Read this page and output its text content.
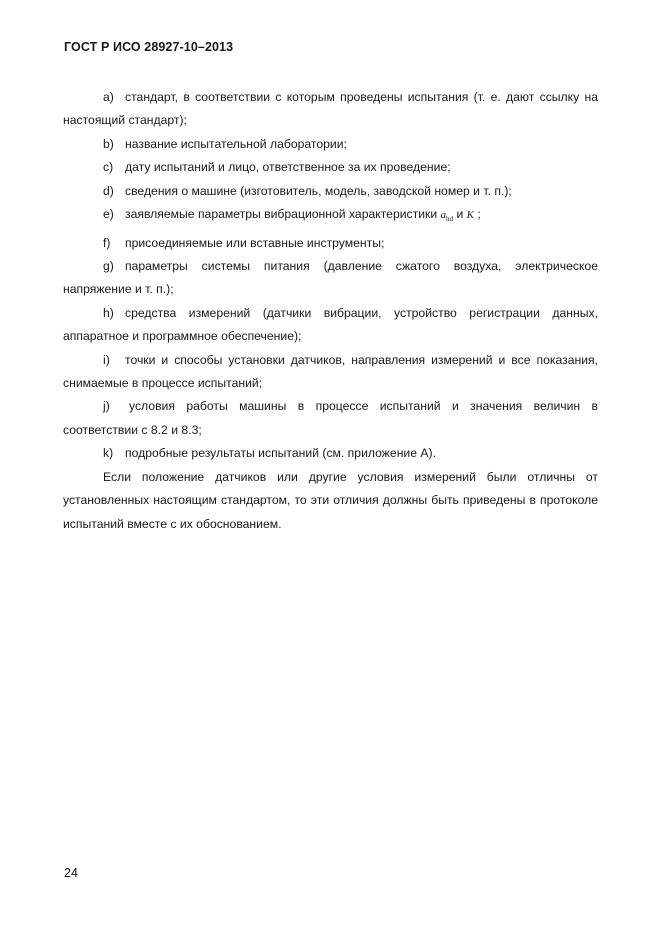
ГОСТ Р ИСО 28927-10–2013

a) стандарт, в соответствии с которым проведены испытания (т. е. дают ссылку на настоящий стандарт);

b) название испытательной лаборатории;

c) дату испытаний и лицо, ответственное за их проведение;

d) сведения о машине (изготовитель, модель, заводской номер и т. п.);

e) заявляемые параметры вибрационной характеристики $a_{hd}$ и K ;

f) присоединяемые или вставные инструменты;

g) параметры системы питания (давление сжатого воздуха, электрическое напряжение и т. п.);

h) средства измерений (датчики вибрации, устройство регистрации данных, аппаратное и программное обеспечение);

i) точки и способы установки датчиков, направления измерений и все показания, снимаемые в процессе испытаний;

j) условия работы машины в процессе испытаний и значения величин в соответствии с 8.2 и 8.3;

k) подробные результаты испытаний (см. приложение А).

Если положение датчиков или другие условия измерений были отличны от установленных настоящим стандартом, то эти отличия должны быть приведены в протоколе испытаний вместе с их обоснованием.

24
